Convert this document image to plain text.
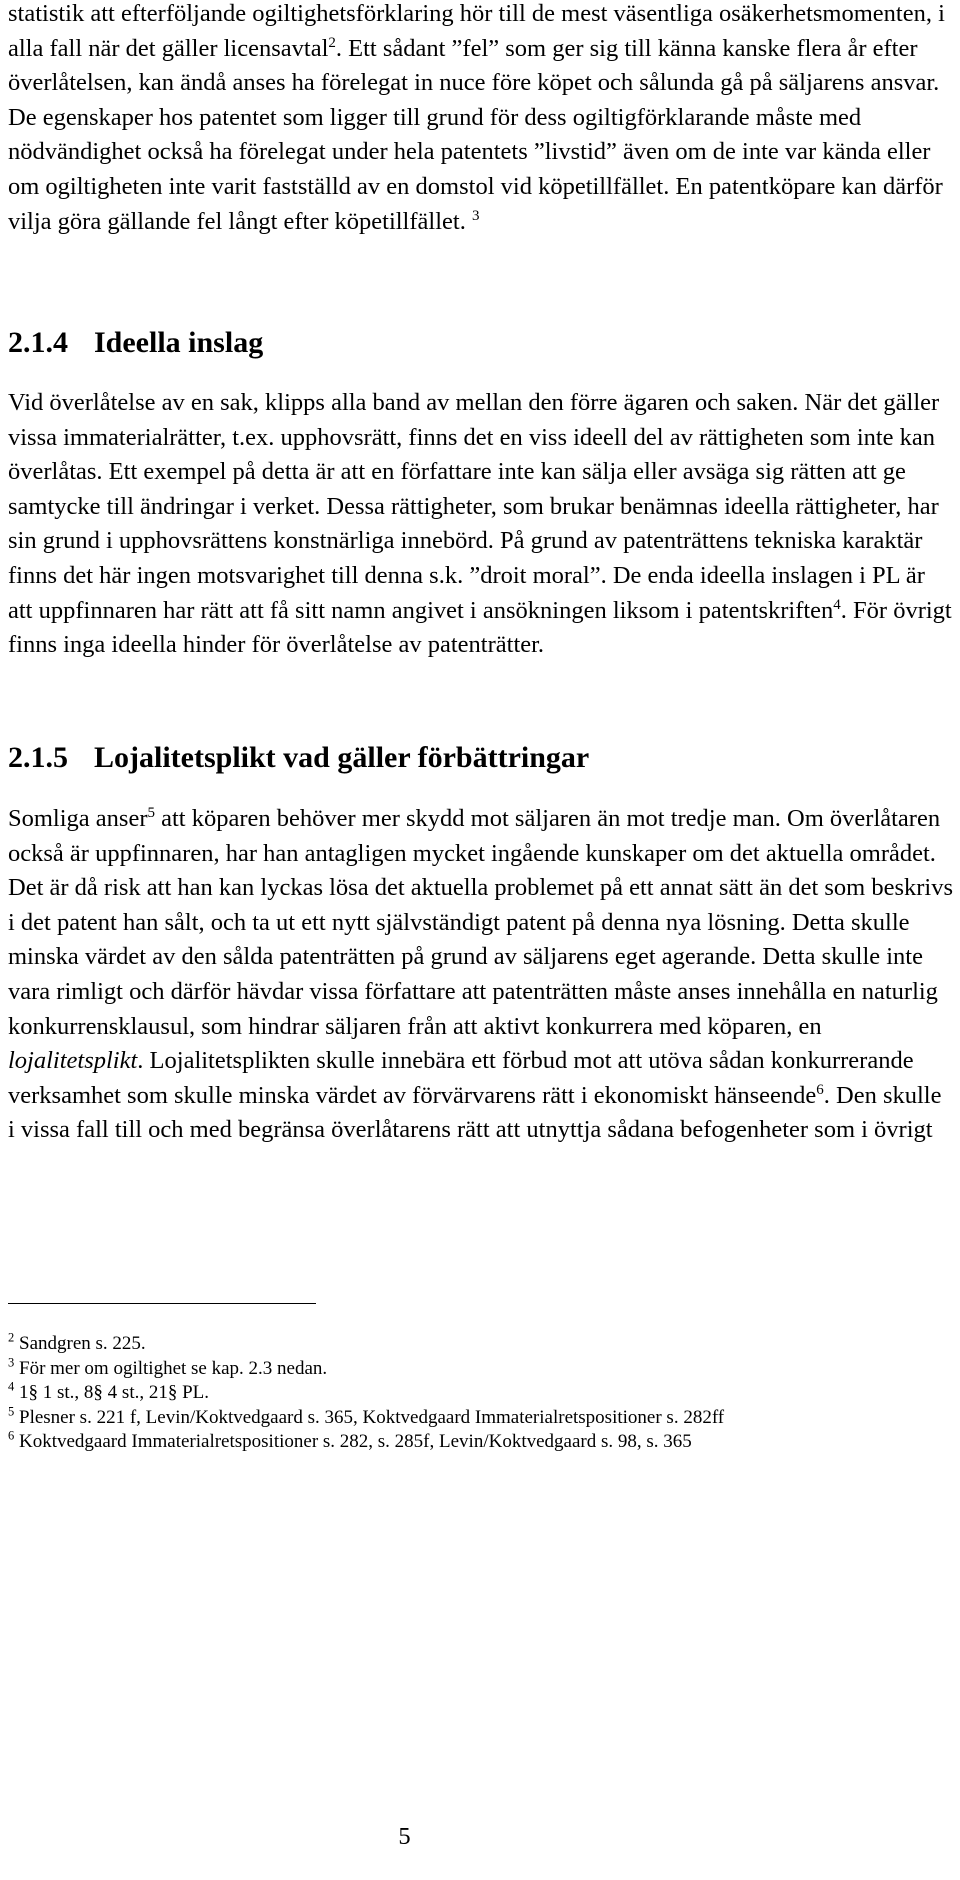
statistik att efterföljande ogiltighetsförklaring hör till de mest väsentliga osäkerhetsmomenten, i alla fall när det gäller licensavtal$^2$. Ett sådant ”fel” som ger sig till känna kanske flera år efter överlåtelsen, kan ändå anses ha förelegat in nuce före köpet och sålunda gå på säljarens ansvar. De egenskaper hos patentet som ligger till grund för dess ogiltigförklarande måste med nödvändighet också ha förelegat under hela patentets ”livstid” även om de inte var kända eller om ogiltigheten inte varit fastställd av en domstol vid köpetillfället. En patentköpare kan därför vilja göra gällande fel långt efter köpetillfället. $^3$

2.1.4 Ideella inslag

Vid överlåtelse av en sak, klipps alla band av mellan den förre ägaren och saken. När det gäller vissa immaterialrätter, t.ex. upphovsrätt, finns det en viss ideell del av rättigheten som inte kan överlåtas. Ett exempel på detta är att en författare inte kan sälja eller avsäga sig rätten att ge samtycke till ändringar i verket. Dessa rättigheter, som brukar benämnas ideella rättigheter, har sin grund i upphovsrättens konstnärliga innebörd. På grund av patenträttens tekniska karaktär finns det här ingen motsvarighet till denna s.k. ”droit moral”. De enda ideella inslagen i PL är att uppfinnaren har rätt att få sitt namn angivet i ansökningen liksom i patentskriften$^4$. För övrigt finns inga ideella hinder för överlåtelse av patenträtter.

2.1.5 Lojalitetsplikt vad gäller förbättringar

Somliga anser$^5$ att köparen behöver mer skydd mot säljaren än mot tredje man. Om överlåtaren också är uppfinnaren, har han antagligen mycket ingående kunskaper om det aktuella området. Det är då risk att han kan lyckas lösa det aktuella problemet på ett annat sätt än det som beskrivs i det patent han sålt, och ta ut ett nytt självständigt patent på denna nya lösning. Detta skulle minska värdet av den sålda patenträtten på grund av säljarens eget agerande. Detta skulle inte vara rimligt och därför hävdar vissa författare att patenträtten måste anses innehålla en naturlig konkurrensklausul, som hindrar säljaren från att aktivt konkurrera med köparen, en lojalitetsplikt. Lojalitetsplikten skulle innebära ett förbud mot att utöva sådan konkurrerande verksamhet som skulle minska värdet av förvärvarens rätt i ekonomiskt hänseende$^6$. Den skulle i vissa fall till och med begränsa överlåtarens rätt att utnyttja sådana befogenheter som i övrigt

$^2$ Sandgren s. 225.

$^3$ För mer om ogiltighet se kap. 2.3 nedan.

$^4$ 1§ 1 st., 8§ 4 st., 21§ PL.

$^5$ Plesner s. 221 f, Levin/Koktvedgaard s. 365, Koktvedgaard Immaterialretspositioner s. 282ff

$^6$ Koktvedgaard Immaterialretspositioner s. 282, s. 285f, Levin/Koktvedgaard s. 98, s. 365

5
